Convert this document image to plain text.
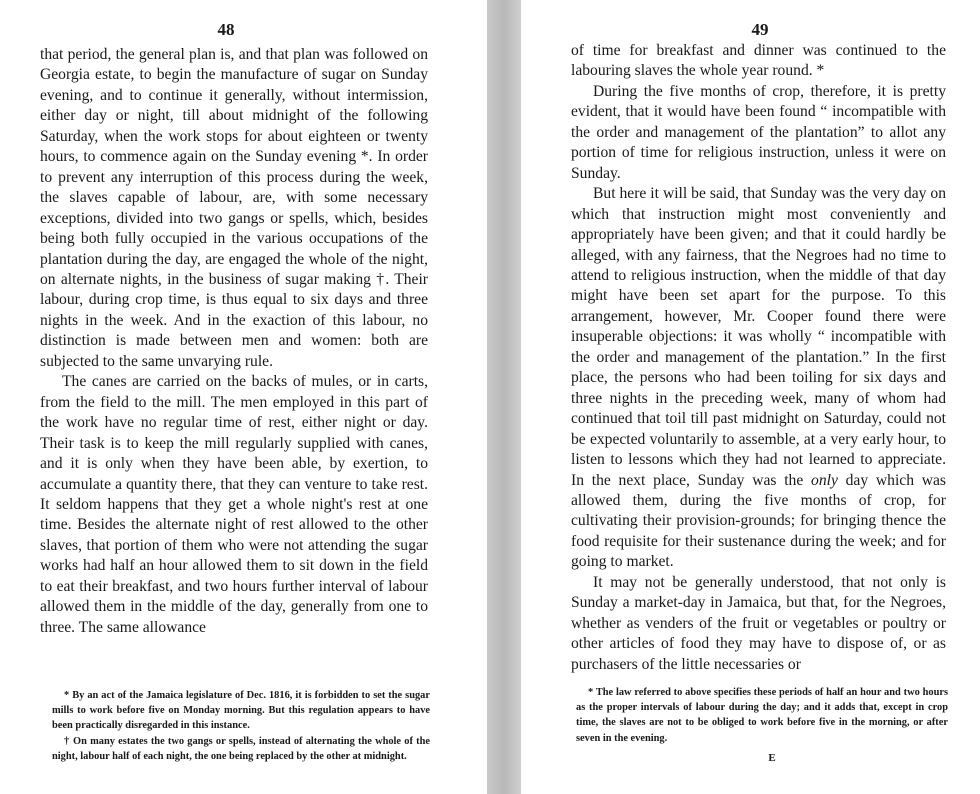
48

that period, the general plan is, and that plan was followed on Georgia estate, to begin the manufacture of sugar on Sunday evening, and to continue it generally, without intermission, either day or night, till about midnight of the following Saturday, when the work stops for about eighteen or twenty hours, to commence again on the Sunday evening *. In order to prevent any interruption of this process during the week, the slaves capable of labour, are, with some necessary exceptions, divided into two gangs or spells, which, besides being both fully occupied in the various occupations of the plantation during the day, are engaged the whole of the night, on alternate nights, in the business of sugar making †. Their labour, during crop time, is thus equal to six days and three nights in the week. And in the exaction of this labour, no distinction is made between men and women: both are subjected to the same unvarying rule.

The canes are carried on the backs of mules, or in carts, from the field to the mill. The men employed in this part of the work have no regular time of rest, either night or day. Their task is to keep the mill regularly supplied with canes, and it is only when they have been able, by exertion, to accumulate a quantity there, that they can venture to take rest. It seldom happens that they get a whole night's rest at one time. Besides the alternate night of rest allowed to the other slaves, that portion of them who were not attending the sugar works had half an hour allowed them to sit down in the field to eat their breakfast, and two hours further interval of labour allowed them in the middle of the day, generally from one to three. The same allowance

* By an act of the Jamaica legislature of Dec. 1816, it is forbidden to set the sugar mills to work before five on Monday morning. But this regulation appears to have been practically disregarded in this instance.

† On many estates the two gangs or spells, instead of alternating the whole of the night, labour half of each night, the one being replaced by the other at midnight.

49

of time for breakfast and dinner was continued to the labouring slaves the whole year round. *

During the five months of crop, therefore, it is pretty evident, that it would have been found “ incompatible with the order and management of the plantation” to allot any portion of time for religious instruction, unless it were on Sunday.

But here it will be said, that Sunday was the very day on which that instruction might most conveniently and appropriately have been given; and that it could hardly be alleged, with any fairness, that the Negroes had no time to attend to religious instruction, when the middle of that day might have been set apart for the purpose. To this arrangement, however, Mr. Cooper found there were insuperable objections: it was wholly “ incompatible with the order and management of the plantation.” In the first place, the persons who had been toiling for six days and three nights in the preceding week, many of whom had continued that toil till past midnight on Saturday, could not be expected voluntarily to assemble, at a very early hour, to listen to lessons which they had not learned to appreciate. In the next place, Sunday was the only day which was allowed them, during the five months of crop, for cultivating their provision-grounds; for bringing thence the food requisite for their sustenance during the week; and for going to market.

It may not be generally understood, that not only is Sunday a market-day in Jamaica, but that, for the Negroes, whether as venders of the fruit or vegetables or poultry or other articles of food they may have to dispose of, or as purchasers of the little necessaries or

* The law referred to above specifies these periods of half an hour and two hours as the proper intervals of labour during the day; and it adds that, except in crop time, the slaves are not to be obliged to work before five in the morning, or after seven in the evening.

E
